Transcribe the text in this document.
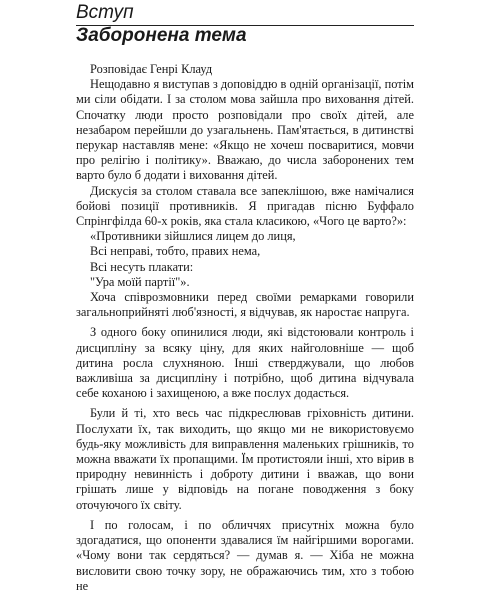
Вступ
Заборонена тема

Розповідає Генрі Клауд

Нещодавно я виступав з доповіддю в одній організації, потім ми сіли обідати. І за столом мова зайшла про виховання дітей. Спочатку люди просто розповідали про своїх дітей, але незабаром перейшли до узагальнень. Пам'ятається, в дитинстві перукар наставляв мене: «Якщо не хочеш посваритися, мовчи про релігію і політику». Вважаю, до числа заборонених тем варто було б додати і виховання дітей.

Дискусія за столом ставала все запеклішою, вже намічалися бойові позиції противників. Я пригадав пісню Буффало Спрінгфілда 60-х років, яка стала класикою, «Чого це варто?»:

«Противники зійшлися лицем до лиця,

Всі неправі, тобто, правих нема,

Всі несуть плакати:

"Ура моїй партії"».

Хоча співрозмовники перед своїми ремарками говорили загальноприйняті люб'язності, я відчував, як наростає напруга.

З одного боку опинилися люди, які відстоювали контроль і дисципліну за всяку ціну, для яких найголовніше — щоб дитина росла слухняною. Інші стверджували, що любов важливіша за дисципліну і потрібно, щоб дитина відчувала себе коханою і захищеною, а вже послух додасться.

Були й ті, хто весь час підкреслював гріховність дитини. Послухати їх, так виходить, що якщо ми не використовуємо будь-яку можливість для виправлення маленьких грішників, то можна вважати їх пропащими. Їм протистояли інші, хто вірив в природну невинність і доброту дитини і вважав, що вони грішать лише у відповідь на погане поводження з боку оточуючого їх світу.

І по голосам, і по обличчях присутніх можна було здогадатися, що опоненти здавалися їм найгіршими ворогами. «Чому вони так сердяться? — думав я. — Хіба не можна висловити свою точку зору, не ображаючись тим, хто з тобою не
